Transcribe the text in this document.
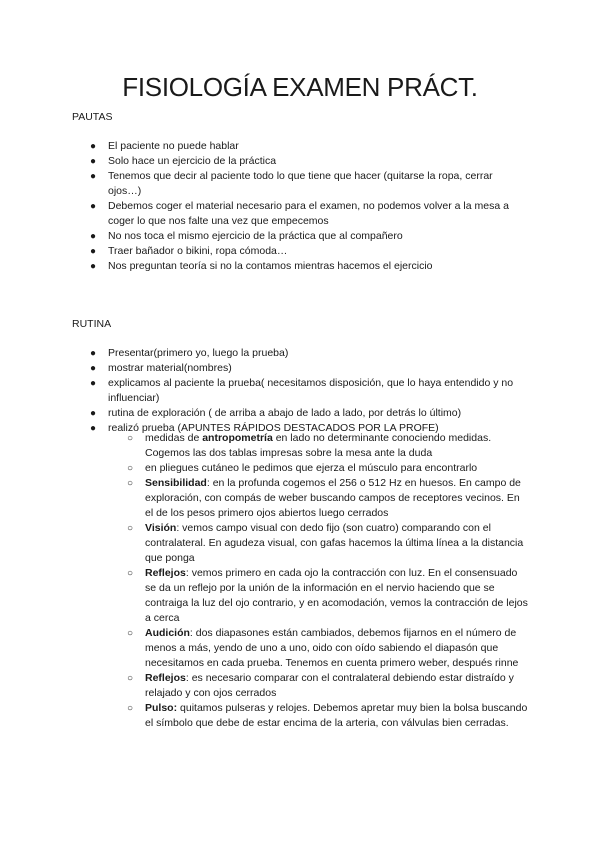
FISIOLOGÍA EXAMEN PRÁCT.

PAUTAS

● El paciente no puede hablar
● Solo hace un ejercicio de la práctica
● Tenemos que decir al paciente todo lo que tiene que hacer (quitarse la ropa, cerrar ojos…)
● Debemos coger el material necesario para el examen, no podemos volver a la mesa a coger lo que nos falte una vez que empecemos
● No nos toca el mismo ejercicio de la práctica que al compañero
● Traer bañador o bikini, ropa cómoda…
● Nos preguntan teoría si no la contamos mientras hacemos el ejercicio

RUTINA

● Presentar(primero yo, luego la prueba)
● mostrar material(nombres)
● explicamos al paciente la prueba( necesitamos disposición, que lo haya entendido y no influenciar)
● rutina de exploración ( de arriba a abajo de lado a lado, por detrás lo último)
● realizó prueba (APUNTES RÁPIDOS DESTACADOS POR LA PROFE)
○ medidas de antropometría en lado no determinante conociendo medidas. Cogemos las dos tablas impresas sobre la mesa ante la duda
○ en pliegues cutáneo le pedimos que ejerza el músculo para encontrarlo
○ Sensibilidad: en la profunda cogemos el 256 o 512 Hz en huesos. En campo de exploración, con compás de weber buscando campos de receptores vecinos. En el de los pesos primero ojos abiertos luego cerrados
○ Visión: vemos campo visual con dedo fijo (son cuatro) comparando con el contralateral. En agudeza visual, con gafas hacemos la última línea a la distancia que ponga
○ Reflejos: vemos primero en cada ojo la contracción con luz. En el consensuado se da un reflejo por la unión de la información en el nervio haciendo que se contraiga la luz del ojo contrario, y en acomodación, vemos la contracción de lejos a cerca
○ Audición: dos diapasones están cambiados, debemos fijarnos en el número de menos a más, yendo de uno a uno, oido con oído sabiendo el diapasón que necesitamos en cada prueba. Tenemos en cuenta primero weber, después rinne
○ Reflejos: es necesario comparar con el contralateral debiendo estar distraído y relajado y con ojos cerrados
○ Pulso: quitamos pulseras y relojes. Debemos apretar muy bien la bolsa buscando el símbolo que debe de estar encima de la arteria, con válvulas bien cerradas.
